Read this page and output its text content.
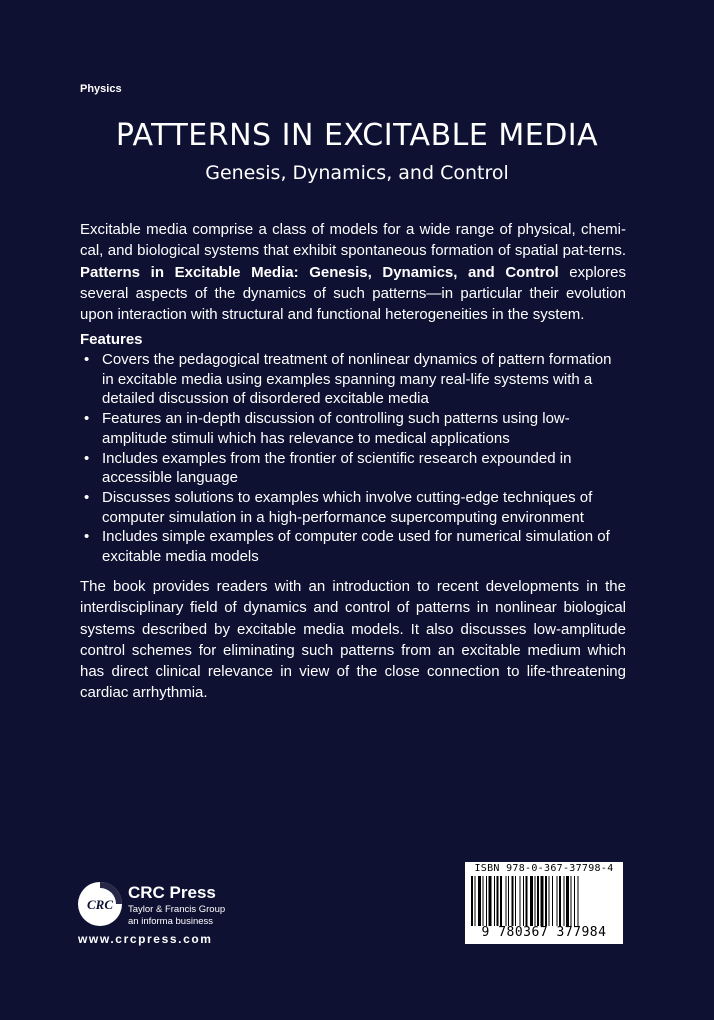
Physics
PATTERNS IN EXCITABLE MEDIA
Genesis, Dynamics, and Control
Excitable media comprise a class of models for a wide range of physical, chemi-cal, and biological systems that exhibit spontaneous formation of spatial pat-terns. Patterns in Excitable Media: Genesis, Dynamics, and Control explores several aspects of the dynamics of such patterns—in particular their evolution upon interaction with structural and functional heterogeneities in the system.
Features
• Covers the pedagogical treatment of nonlinear dynamics of pattern formation in excitable media using examples spanning many real-life systems with a detailed discussion of disordered excitable media
• Features an in-depth discussion of controlling such patterns using low-amplitude stimuli which has relevance to medical applications
• Includes examples from the frontier of scientific research expounded in accessible language
• Discusses solutions to examples which involve cutting-edge techniques of computer simulation in a high-performance supercomputing environment
• Includes simple examples of computer code used for numerical simulation of excitable media models
The book provides readers with an introduction to recent developments in the interdisciplinary field of dynamics and control of patterns in nonlinear biological systems described by excitable media models. It also discusses low-amplitude control schemes for eliminating such patterns from an excitable medium which has direct clinical relevance in view of the close connection to life-threatening cardiac arrhythmia.
CRC
CRC Press
Taylor & Francis Group
an informa business
www.crcpress.com
ISBN 978-0-367-37798-4
9 780367 377984
